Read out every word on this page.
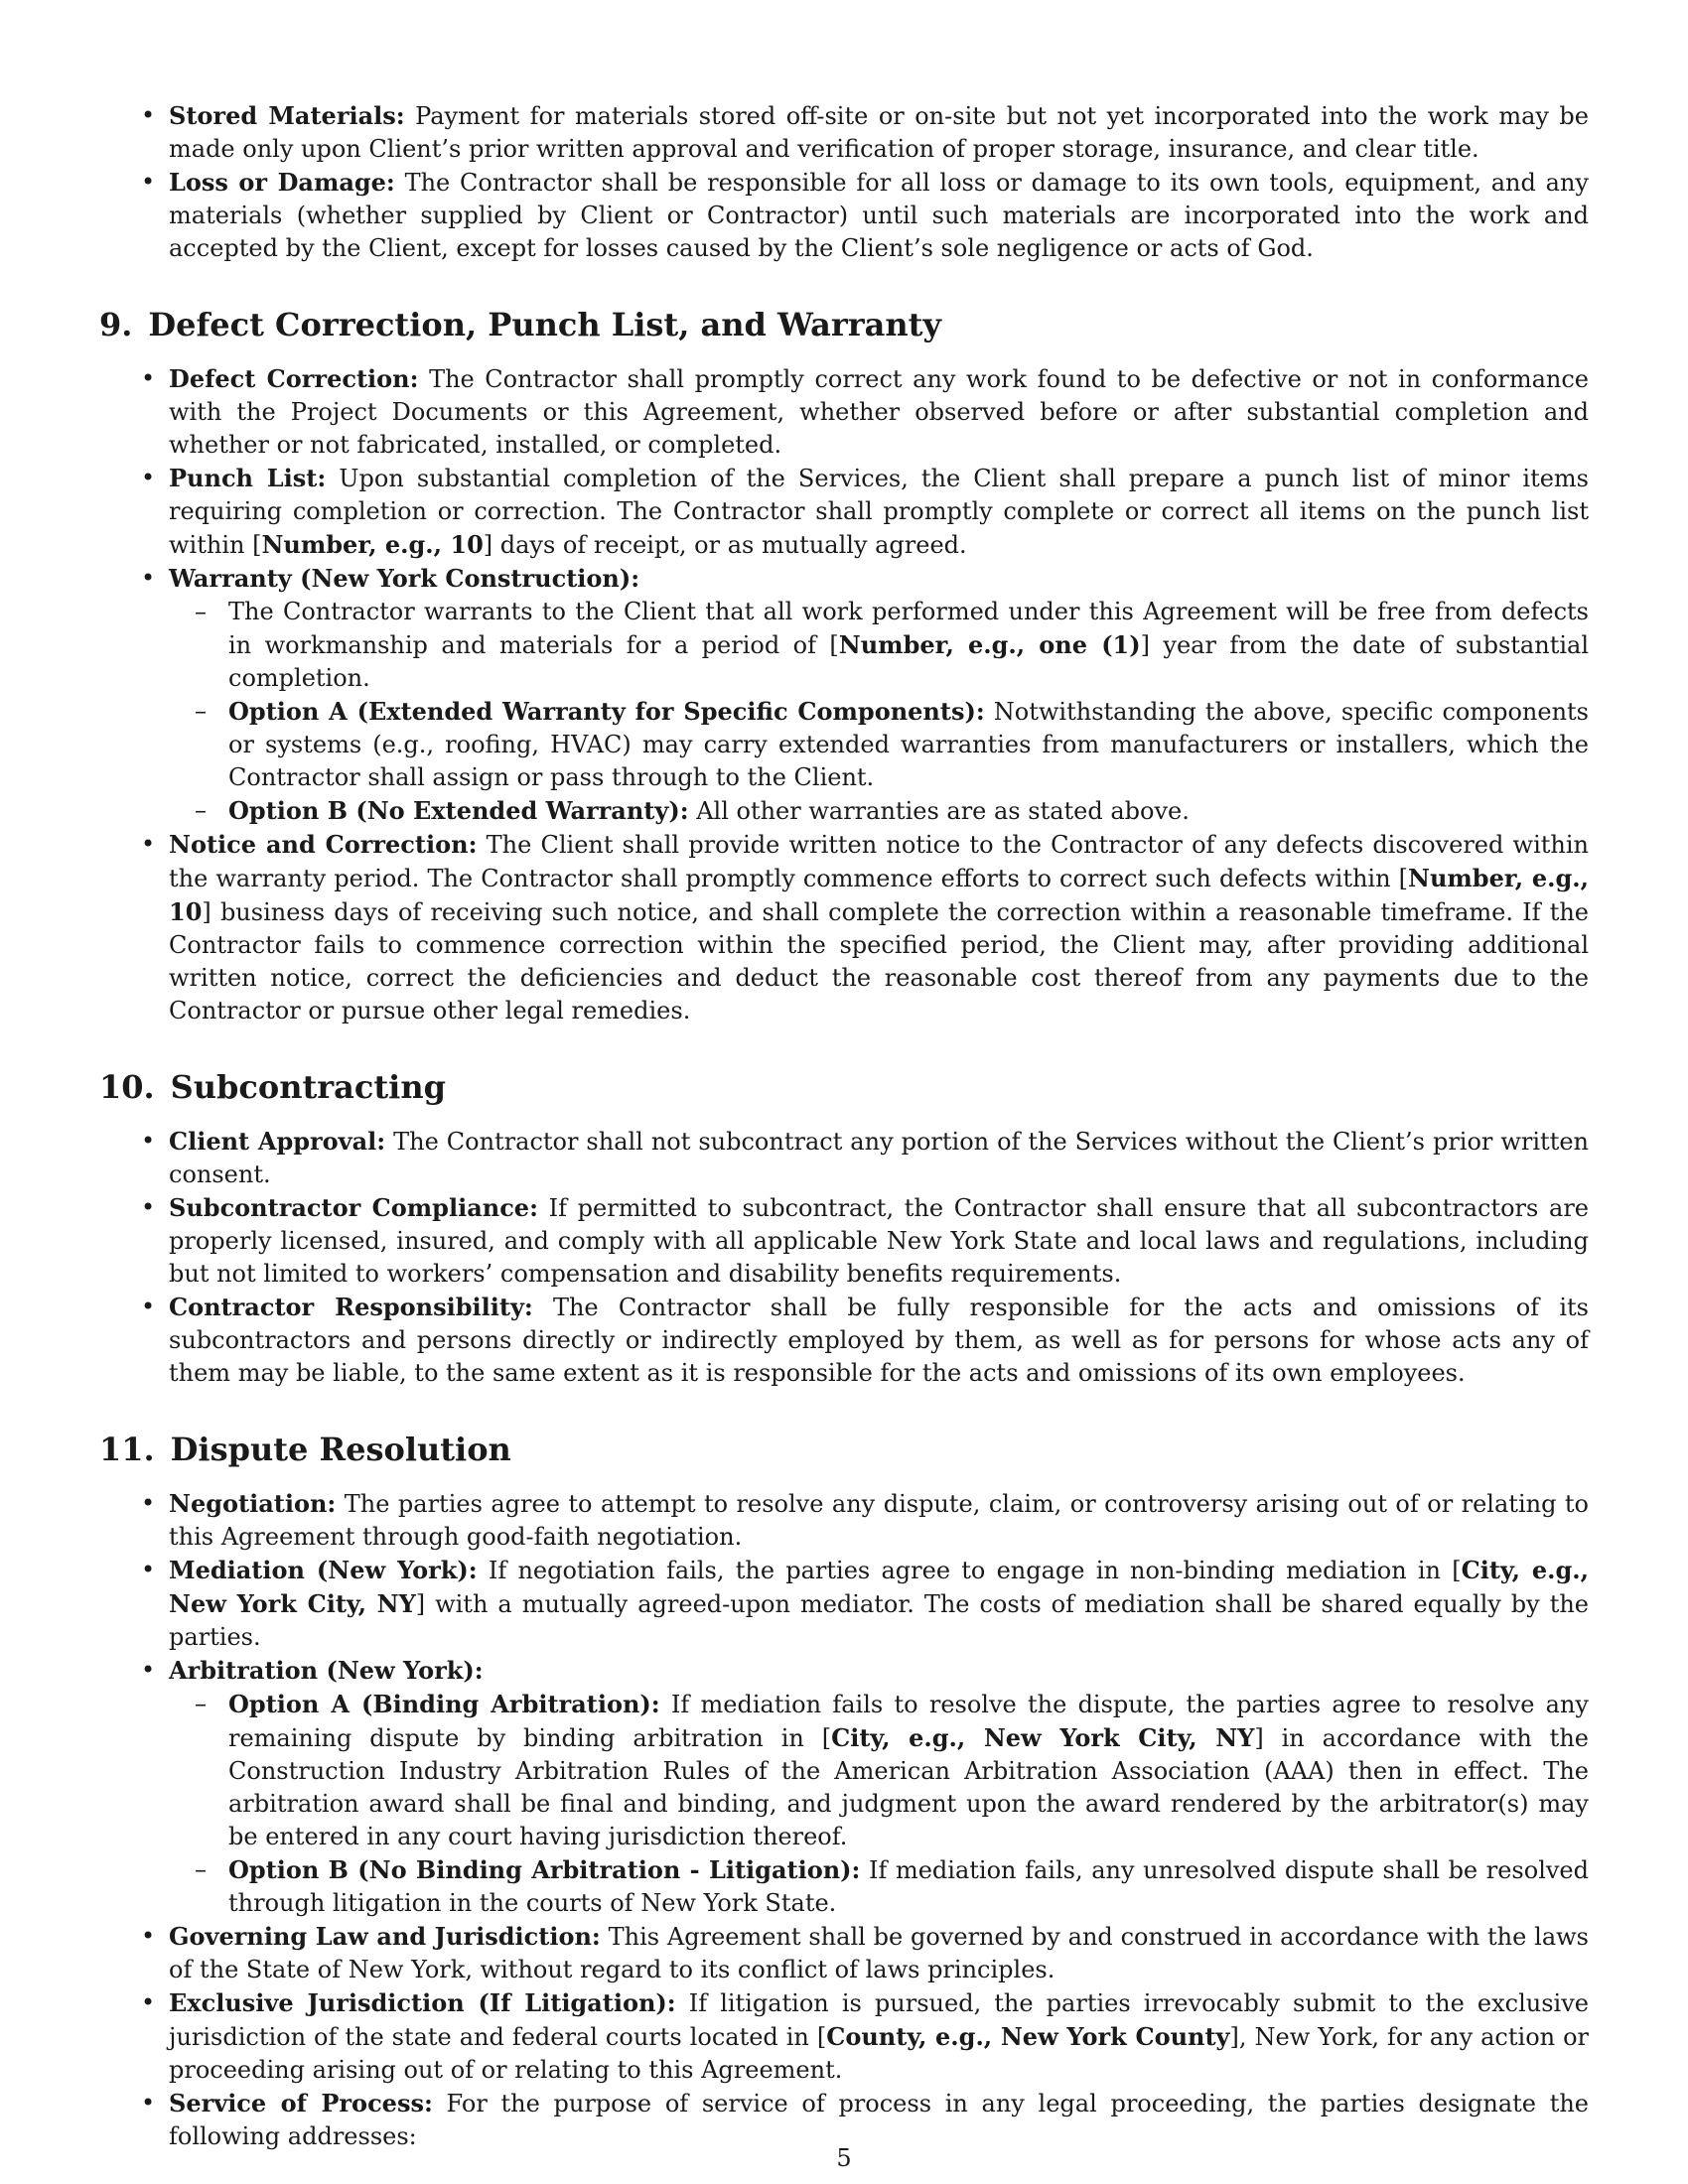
• Stored Materials: Payment for materials stored off-site or on-site but not yet incorporated into the work may be made only upon Client’s prior written approval and verification of proper storage, insurance, and clear title.
• Loss or Damage: The Contractor shall be responsible for all loss or damage to its own tools, equipment, and any materials (whether supplied by Client or Contractor) until such materials are incorporated into the work and accepted by the Client, except for losses caused by the Client’s sole negligence or acts of God.
9. Defect Correction, Punch List, and Warranty
• Defect Correction: The Contractor shall promptly correct any work found to be defective or not in conformance with the Project Documents or this Agreement, whether observed before or after substantial completion and whether or not fabricated, installed, or completed.
• Punch List: Upon substantial completion of the Services, the Client shall prepare a punch list of minor items requiring completion or correction. The Contractor shall promptly complete or correct all items on the punch list within [Number, e.g., 10] days of receipt, or as mutually agreed.
• Warranty (New York Construction):
– The Contractor warrants to the Client that all work performed under this Agreement will be free from defects in workmanship and materials for a period of [Number, e.g., one (1)] year from the date of substantial completion.
– Option A (Extended Warranty for Specific Components): Notwithstanding the above, specific components or systems (e.g., roofing, HVAC) may carry extended warranties from manufacturers or installers, which the Contractor shall assign or pass through to the Client.
– Option B (No Extended Warranty): All other warranties are as stated above.
• Notice and Correction: The Client shall provide written notice to the Contractor of any defects discovered within the warranty period. The Contractor shall promptly commence efforts to correct such defects within [Number, e.g., 10] business days of receiving such notice, and shall complete the correction within a reasonable timeframe. If the Contractor fails to commence correction within the specified period, the Client may, after providing additional written notice, correct the deficiencies and deduct the reasonable cost thereof from any payments due to the Contractor or pursue other legal remedies.
10. Subcontracting
• Client Approval: The Contractor shall not subcontract any portion of the Services without the Client’s prior written consent.
• Subcontractor Compliance: If permitted to subcontract, the Contractor shall ensure that all subcontractors are properly licensed, insured, and comply with all applicable New York State and local laws and regulations, including but not limited to workers’ compensation and disability benefits requirements.
• Contractor Responsibility: The Contractor shall be fully responsible for the acts and omissions of its subcontractors and persons directly or indirectly employed by them, as well as for persons for whose acts any of them may be liable, to the same extent as it is responsible for the acts and omissions of its own employees.
11. Dispute Resolution
• Negotiation: The parties agree to attempt to resolve any dispute, claim, or controversy arising out of or relating to this Agreement through good-faith negotiation.
• Mediation (New York): If negotiation fails, the parties agree to engage in non-binding mediation in [City, e.g., New York City, NY] with a mutually agreed-upon mediator. The costs of mediation shall be shared equally by the parties.
• Arbitration (New York):
– Option A (Binding Arbitration): If mediation fails to resolve the dispute, the parties agree to resolve any remaining dispute by binding arbitration in [City, e.g., New York City, NY] in accordance with the Construction Industry Arbitration Rules of the American Arbitration Association (AAA) then in effect. The arbitration award shall be final and binding, and judgment upon the award rendered by the arbitrator(s) may be entered in any court having jurisdiction thereof.
– Option B (No Binding Arbitration - Litigation): If mediation fails, any unresolved dispute shall be resolved through litigation in the courts of New York State.
• Governing Law and Jurisdiction: This Agreement shall be governed by and construed in accordance with the laws of the State of New York, without regard to its conflict of laws principles.
• Exclusive Jurisdiction (If Litigation): If litigation is pursued, the parties irrevocably submit to the exclusive jurisdiction of the state and federal courts located in [County, e.g., New York County], New York, for any action or proceeding arising out of or relating to this Agreement.
• Service of Process: For the purpose of service of process in any legal proceeding, the parties designate the following addresses:
5
